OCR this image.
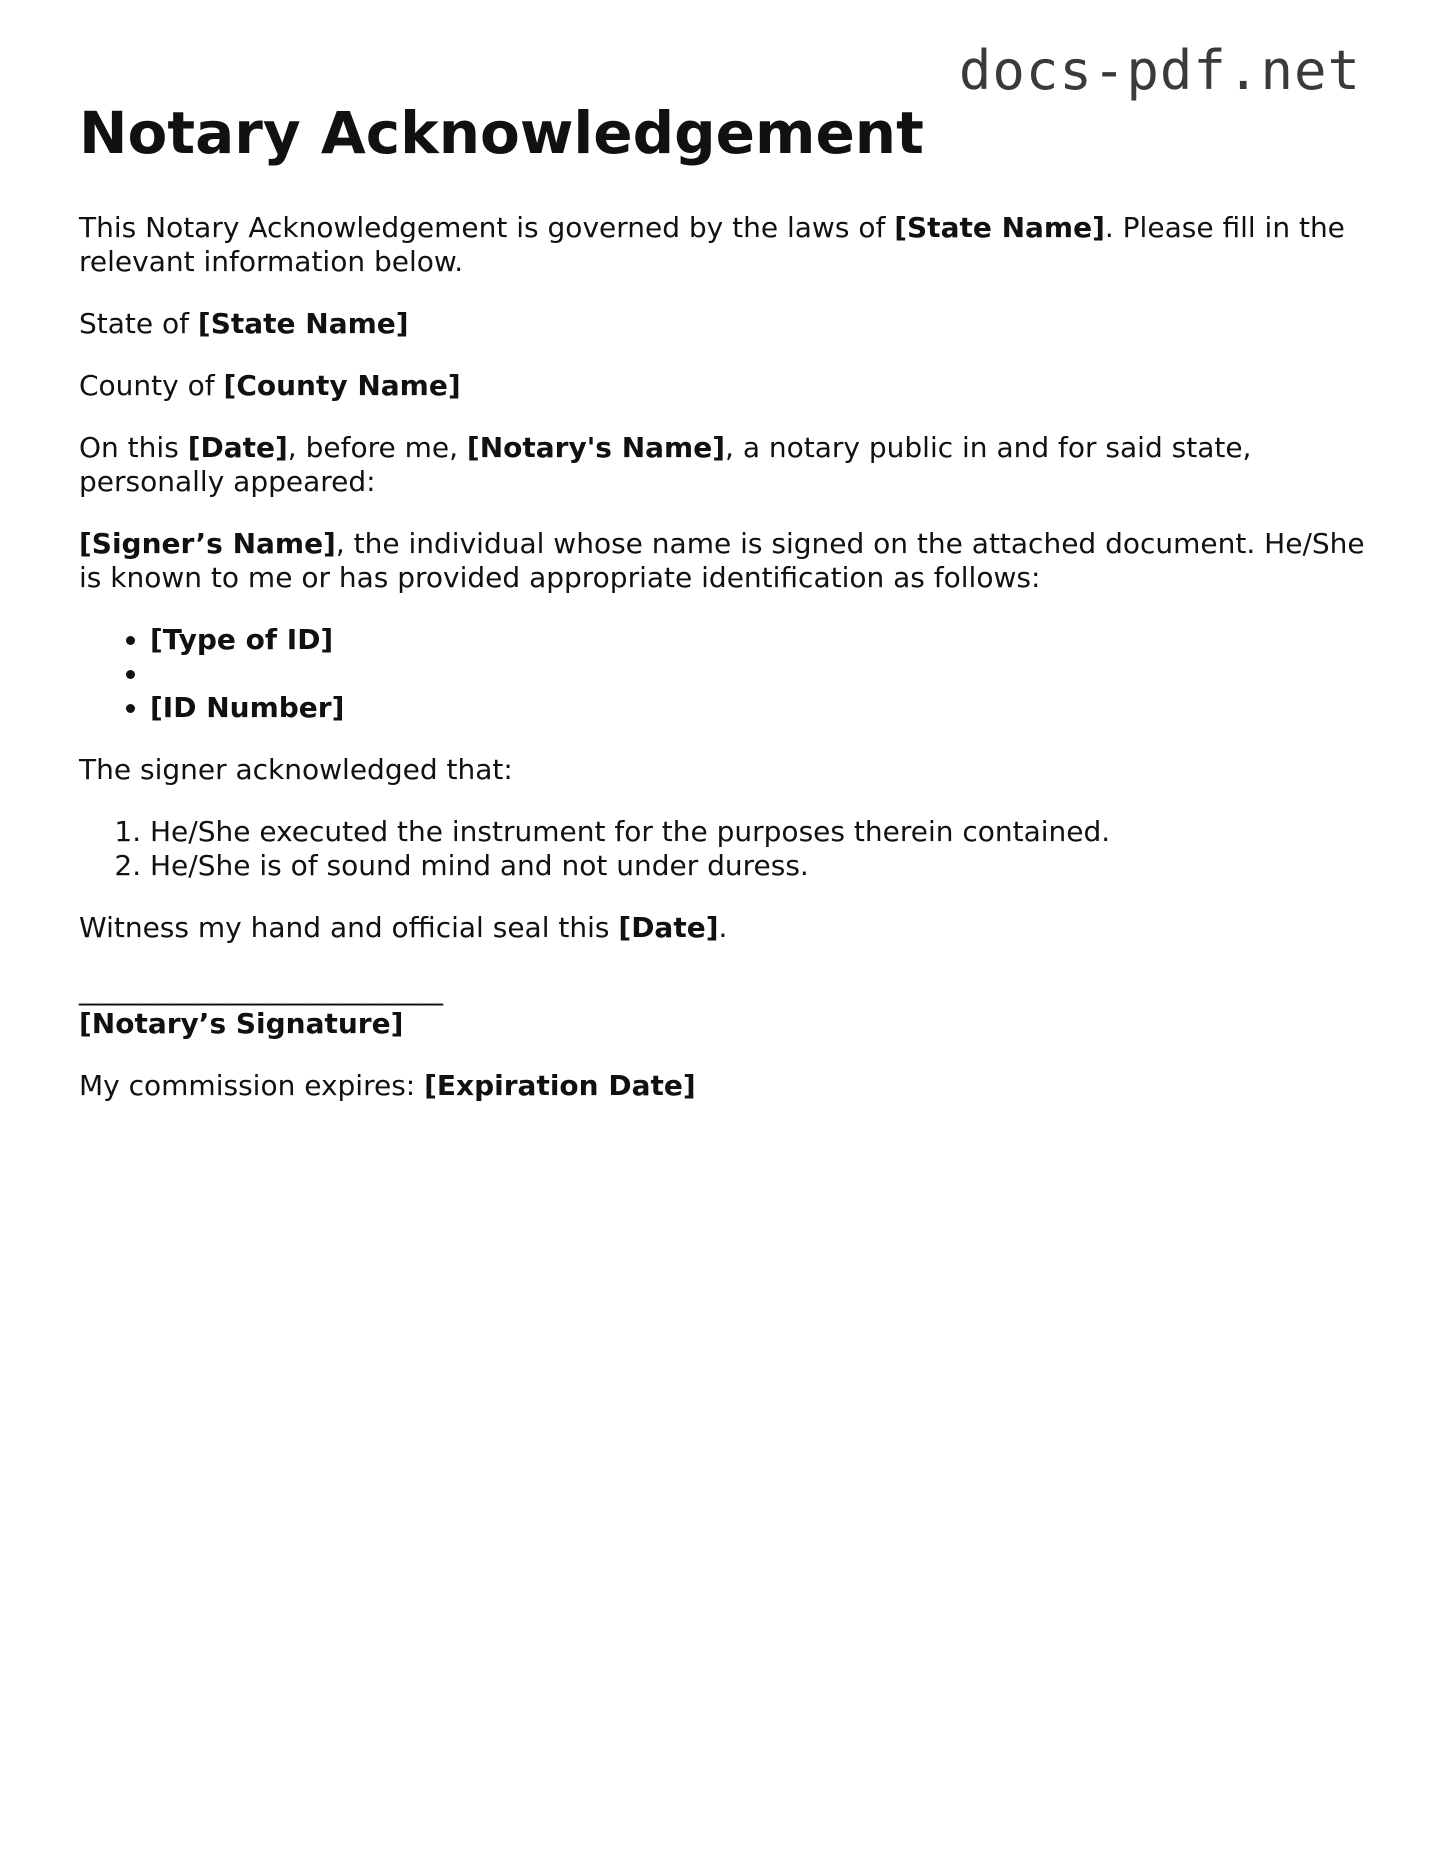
docs-pdf.net
Notary Acknowledgement

This Notary Acknowledgement is governed by the laws of [State Name]. Please fill in the relevant information below.

State of [State Name]

County of [County Name]

On this [Date], before me, [Notary's Name], a notary public in and for said state, personally appeared:

[Signer’s Name], the individual whose name is signed on the attached document. He/She is known to me or has provided appropriate identification as follows:

• [Type of ID]
•
• [ID Number]

The signer acknowledged that:

1. He/She executed the instrument for the purposes therein contained.
2. He/She is of sound mind and not under duress.

Witness my hand and official seal this [Date].

__________________________

[Notary’s Signature]

My commission expires: [Expiration Date]
